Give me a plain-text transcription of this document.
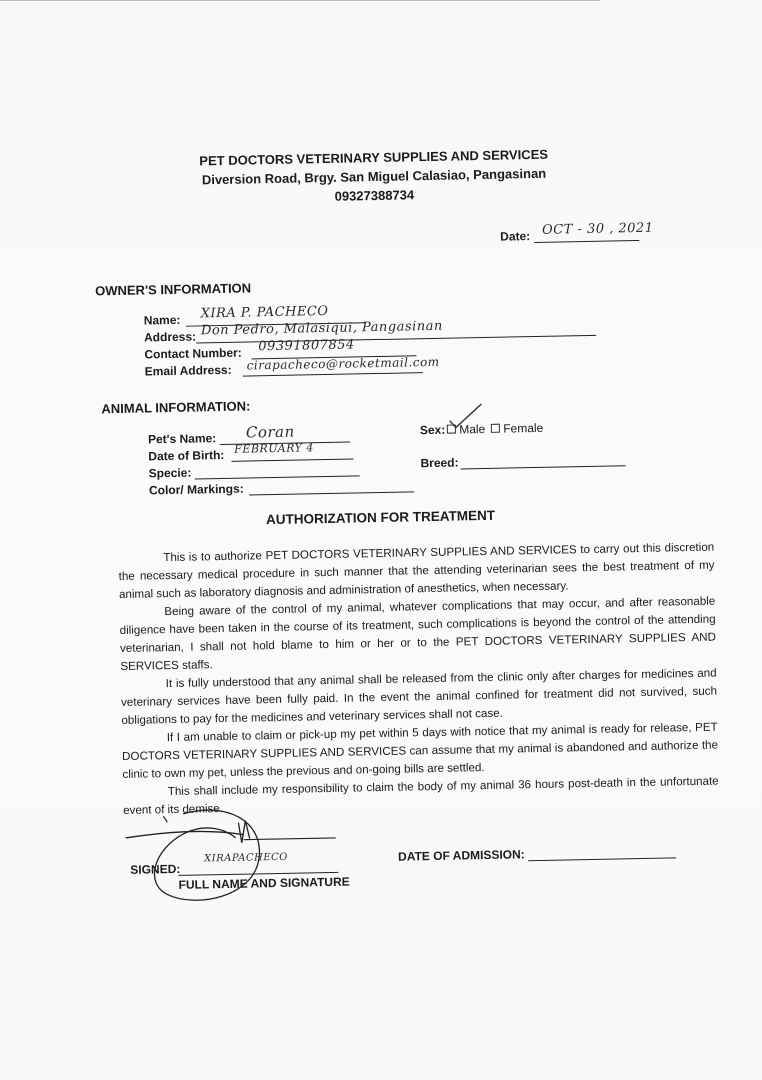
PET DOCTORS VETERINARY SUPPLIES AND SERVICES
Diversion Road, Brgy. San Miguel Calasiao, Pangasinan
09327388734
Date: OCT - 30 , 2021
OWNER'S INFORMATION
Name: XIRA P. PACHECO
Address: Don Pedro, Malasiqui, Pangasinan
Contact Number: 09391807854
Email Address: cirapacheco@rocketmail.com
ANIMAL INFORMATION:
Pet's Name: Coran
Date of Birth: FEBRUARY 4
Specie:
Color/ Markings:
Sex: Male Female
Breed:
AUTHORIZATION FOR TREATMENT

This is to authorize PET DOCTORS VETERINARY SUPPLIES AND SERVICES to carry out this discretion the necessary medical procedure in such manner that the attending veterinarian sees the best treatment of my animal such as laboratory diagnosis and administration of anesthetics, when necessary.

Being aware of the control of my animal, whatever complications that may occur, and after reasonable diligence have been taken in the course of its treatment, such complications is beyond the control of the attending veterinarian, I shall not hold blame to him or her or to the PET DOCTORS VETERINARY SUPPLIES AND SERVICES staffs.

It is fully understood that any animal shall be released from the clinic only after charges for medicines and veterinary services have been fully paid. In the event the animal confined for treatment did not survived, such obligations to pay for the medicines and veterinary services shall not case.

If I am unable to claim or pick-up my pet within 5 days with notice that my animal is ready for release, PET DOCTORS VETERINARY SUPPLIES AND SERVICES can assume that my animal is abandoned and authorize the clinic to own my pet, unless the previous and on-going bills are settled.

This shall include my responsibility to claim the body of my animal 36 hours post-death in the unfortunate event of its demise.

SIGNED:
XIRAPACHECO
FULL NAME AND SIGNATURE
DATE OF ADMISSION:
